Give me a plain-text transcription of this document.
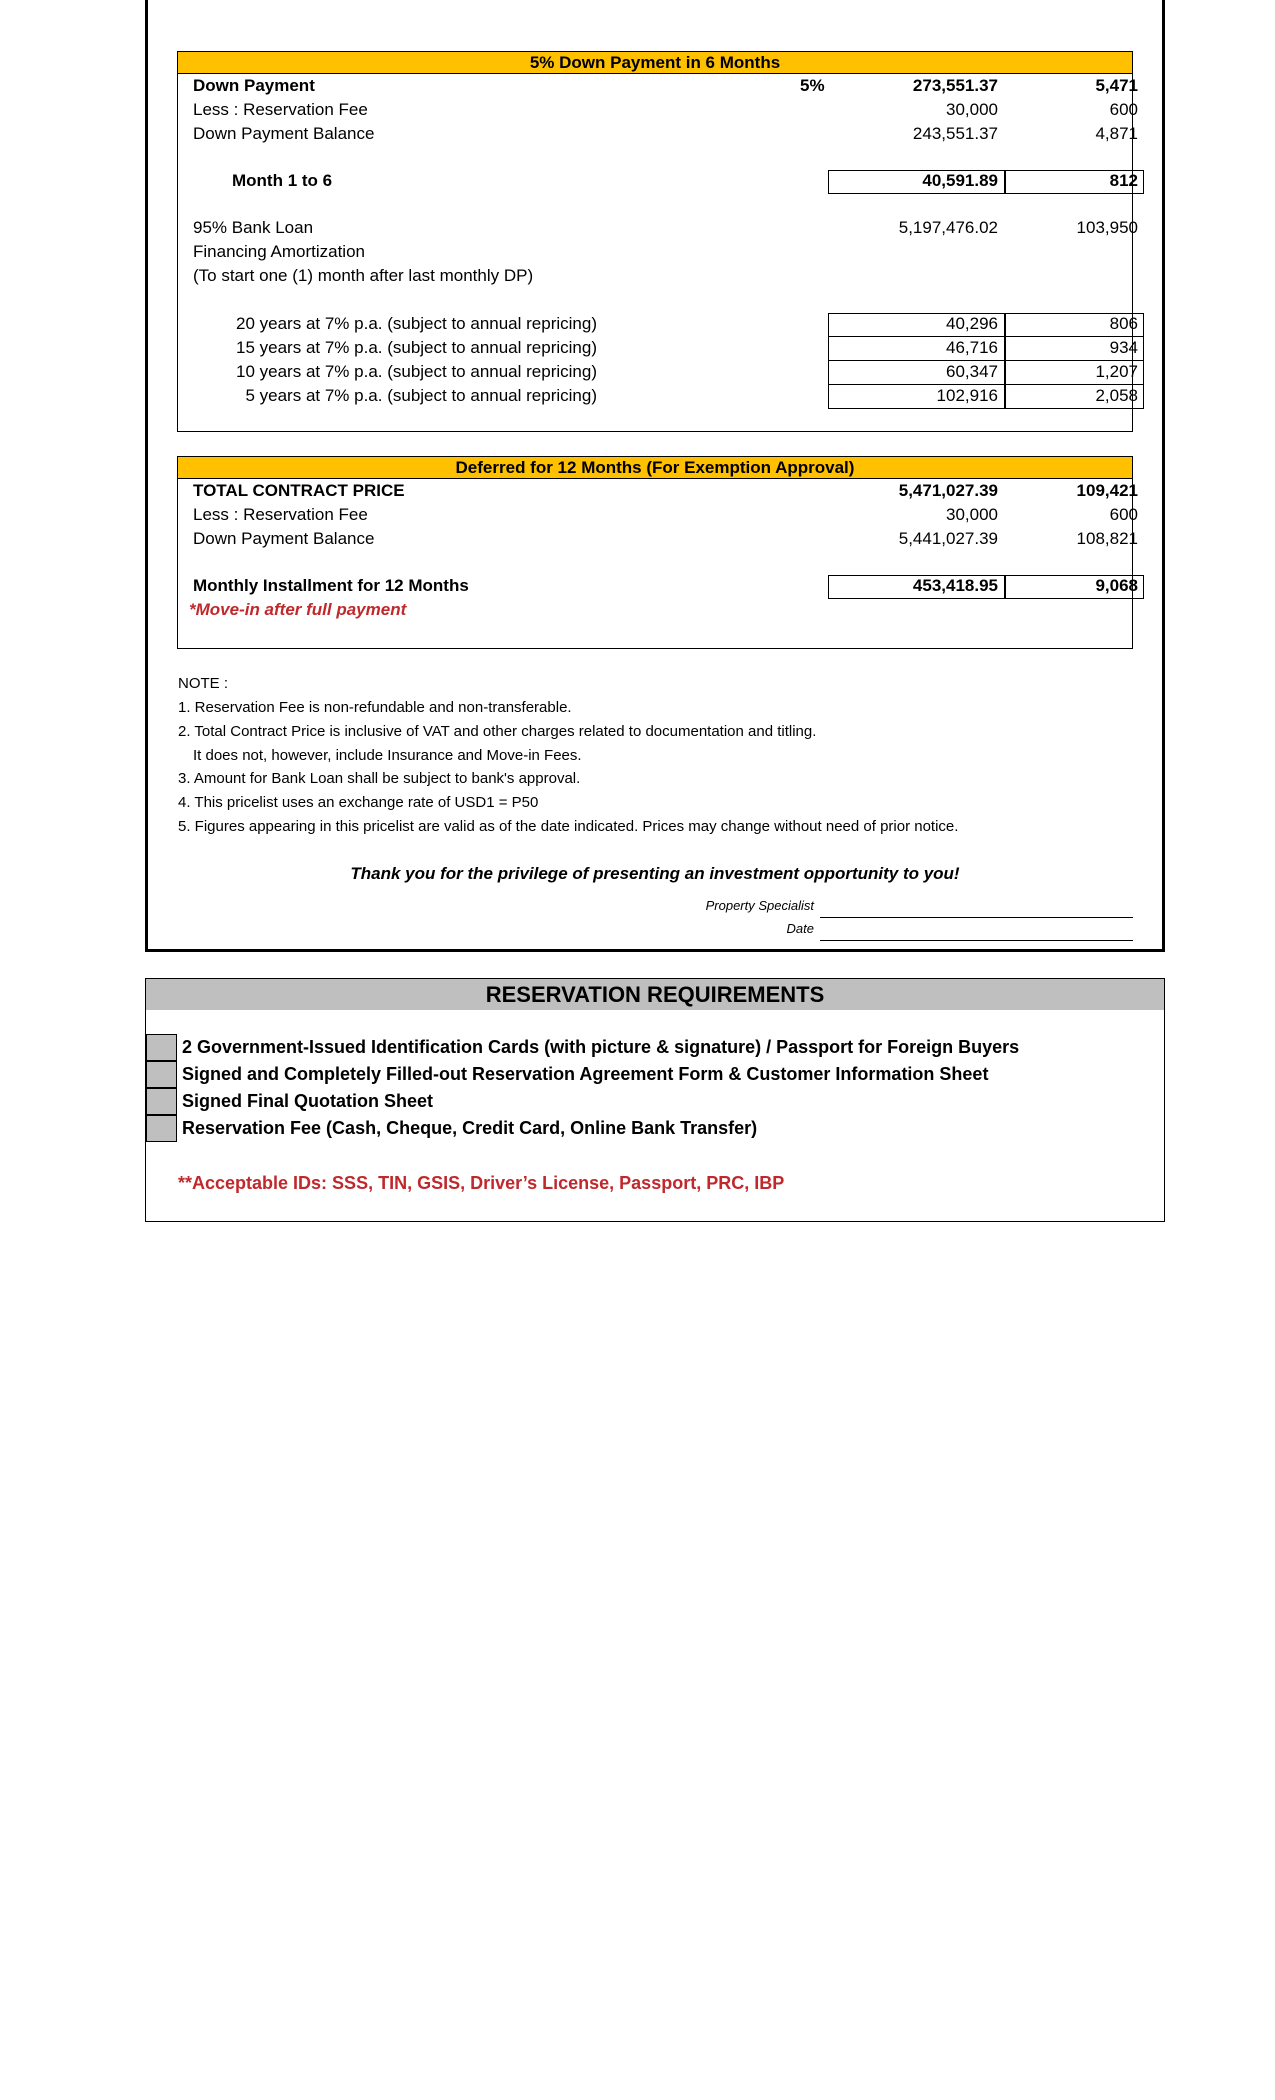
5% Down Payment in 6 Months
Down Payment	5%	273,551.37	5,471
Less : Reservation Fee	30,000	600
Down Payment Balance	243,551.37	4,871
Month 1 to 6	40,591.89	812
95% Bank Loan	5,197,476.02	103,950
Financing Amortization
(To start one (1) month after last monthly DP)
20 years at 7% p.a. (subject to annual repricing)	40,296	806
15 years at 7% p.a. (subject to annual repricing)	46,716	934
10 years at 7% p.a. (subject to annual repricing)	60,347	1,207
5 years at 7% p.a. (subject to annual repricing)	102,916	2,058
Deferred for 12 Months (For Exemption Approval)
TOTAL CONTRACT PRICE	5,471,027.39	109,421
Less : Reservation Fee	30,000	600
Down Payment Balance	5,441,027.39	108,821
Monthly Installment for 12 Months	453,418.95	9,068
*Move-in after full payment
NOTE :
1. Reservation Fee is non-refundable and non-transferable.
2. Total Contract Price is inclusive of VAT and other charges related to documentation and titling.
It does not, however, include Insurance and Move-in Fees.
3. Amount for Bank Loan shall be subject to bank's approval.
4. This pricelist uses an exchange rate of USD1 = P50
5. Figures appearing in this pricelist are valid as of the date indicated. Prices may change without need of prior notice.
Thank you for the privilege of presenting an investment opportunity to you!
Property Specialist
Date
RESERVATION REQUIREMENTS
2 Government-Issued Identification Cards (with picture & signature) / Passport for Foreign Buyers
Signed and Completely Filled-out Reservation Agreement Form & Customer Information Sheet
Signed Final Quotation Sheet
Reservation Fee (Cash, Cheque, Credit Card, Online Bank Transfer)
**Acceptable IDs: SSS, TIN, GSIS, Driver’s License, Passport, PRC, IBP
